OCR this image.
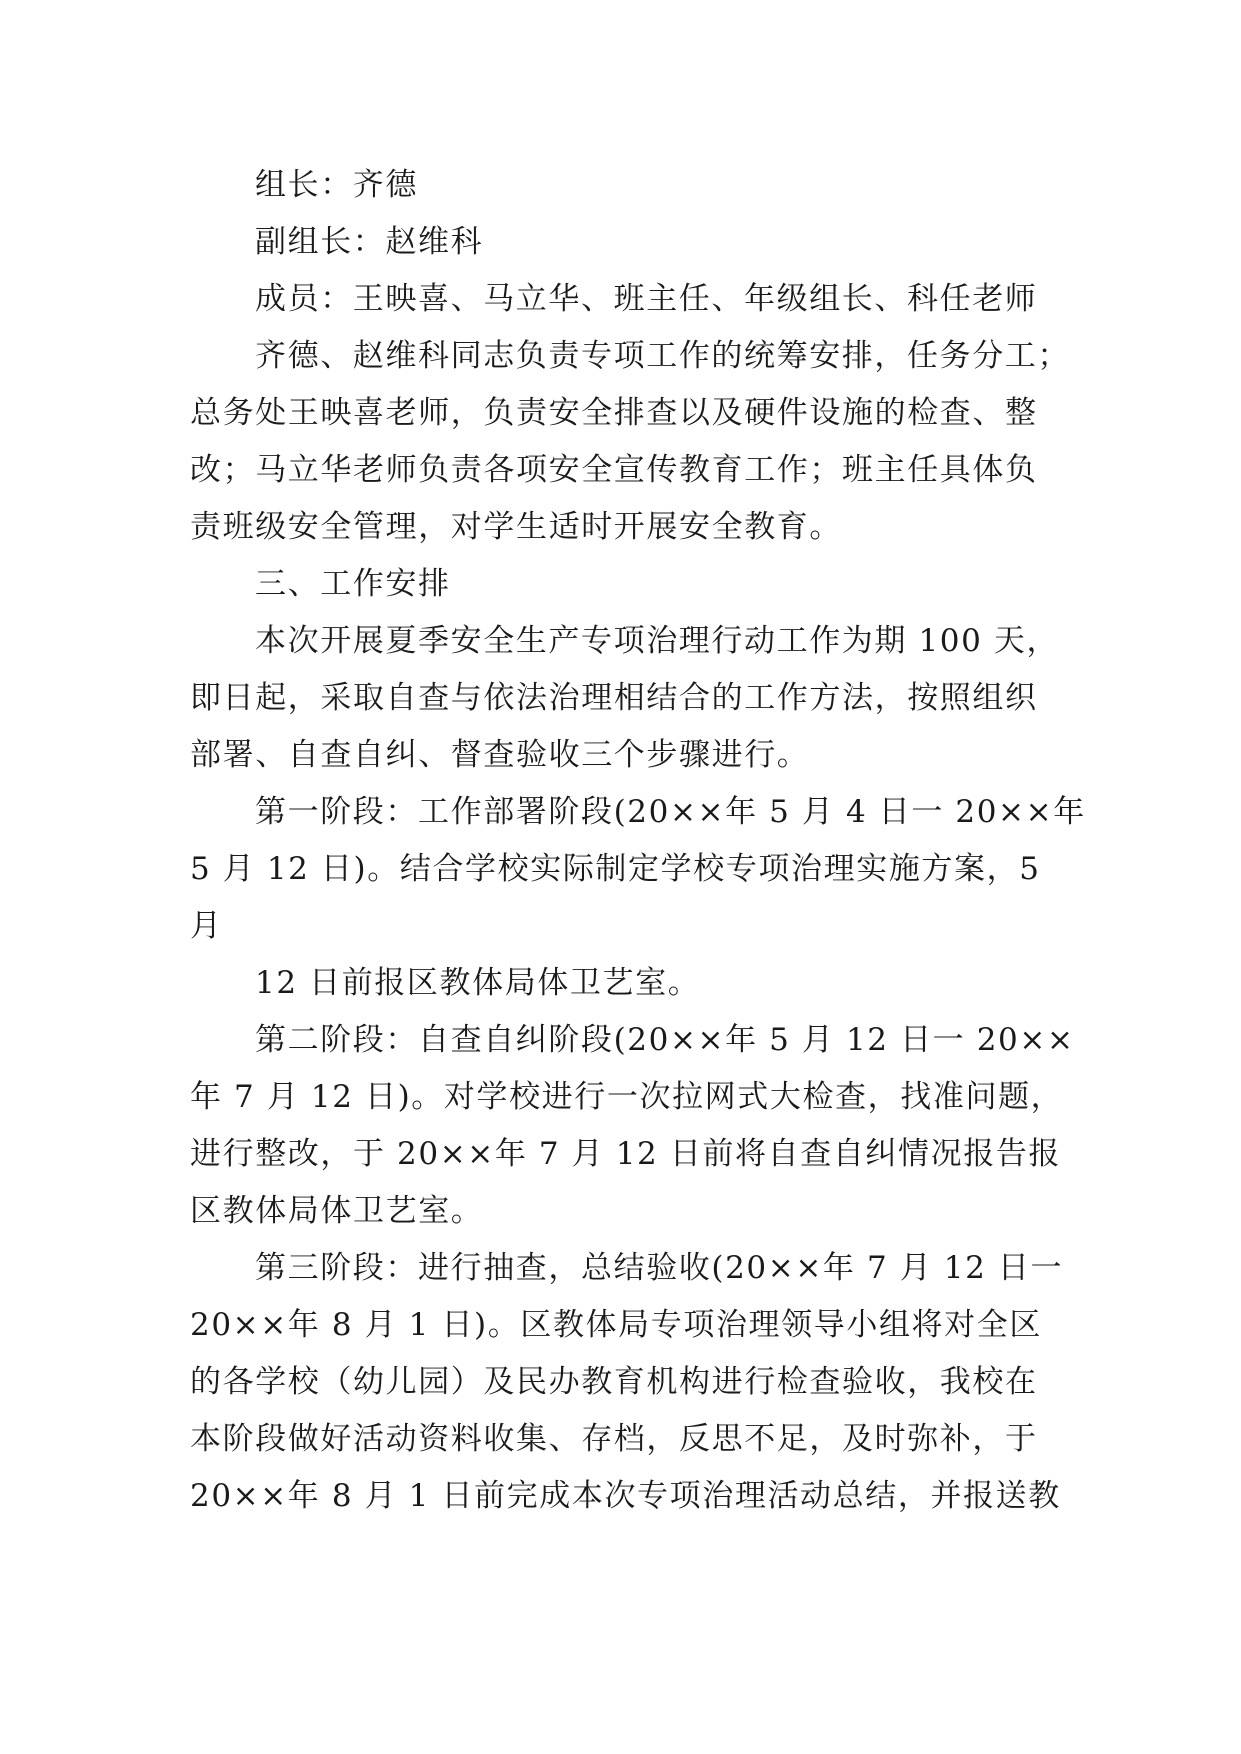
组长：齐德
副组长：赵维科
成员：王映喜、马立华、班主任、年级组长、科任老师
齐德、赵维科同志负责专项工作的统筹安排，任务分工；
总务处王映喜老师，负责安全排查以及硬件设施的检查、整
改；马立华老师负责各项安全宣传教育工作；班主任具体负
责班级安全管理，对学生适时开展安全教育。
三、工作安排
本次开展夏季安全生产专项治理行动工作为期 100 天，
即日起，采取自查与依法治理相结合的工作方法，按照组织
部署、自查自纠、督查验收三个步骤进行。
第一阶段：工作部署阶段(20××年 5 月 4 日一 20××年
5 月 12 日)。结合学校实际制定学校专项治理实施方案，5
月
12 日前报区教体局体卫艺室。
第二阶段：自查自纠阶段(20××年 5 月 12 日一 20××
年 7 月 12 日)。对学校进行一次拉网式大检查，找准问题，
进行整改，于 20××年 7 月 12 日前将自查自纠情况报告报
区教体局体卫艺室。
第三阶段：进行抽查，总结验收(20××年 7 月 12 日一
20××年 8 月 1 日)。区教体局专项治理领导小组将对全区
的各学校（幼儿园）及民办教育机构进行检查验收，我校在
本阶段做好活动资料收集、存档，反思不足，及时弥补，于
20××年 8 月 1 日前完成本次专项治理活动总结，并报送教
